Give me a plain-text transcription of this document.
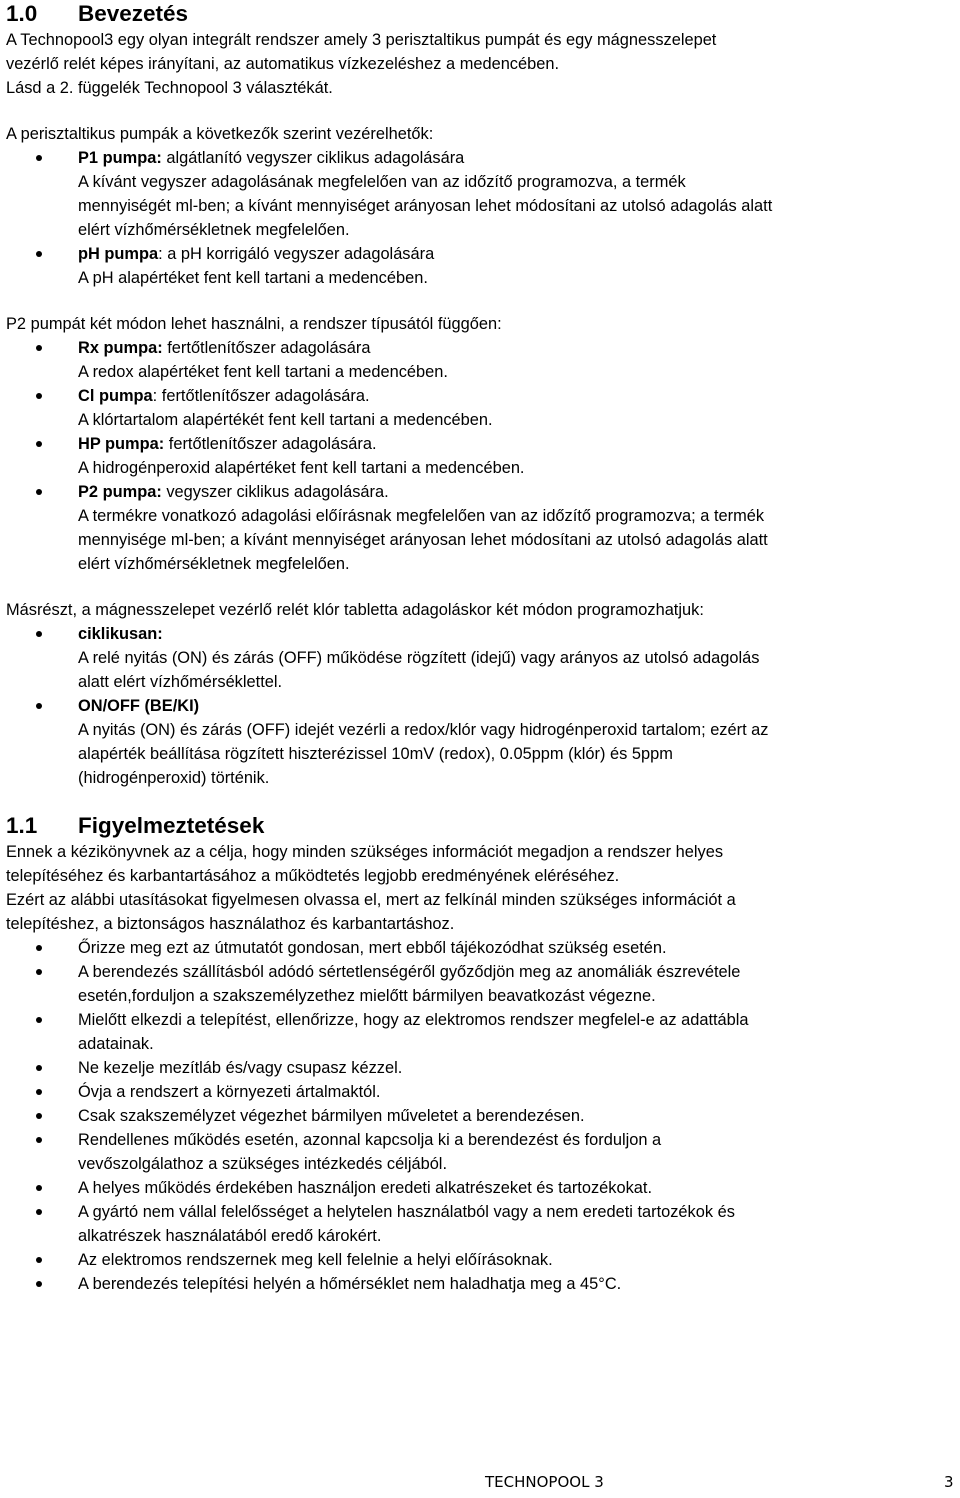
1.0 Bevezetés

A Technopool3 egy olyan integrált rendszer amely 3 perisztaltikus pumpát és egy mágnesszelepet

vezérlő relét képes irányítani, az automatikus vízkezeléshez a medencében.

Lásd a 2. függelék Technopool 3 választékát.

A perisztaltikus pumpák a következők szerint vezérelhetők:

P1 pumpa: algátlanító vegyszer ciklikus adagolására
A kívánt vegyszer adagolásának megfelelően van az időzítő programozva, a termék
mennyiségét ml-ben; a kívánt mennyiséget arányosan lehet módosítani az utolsó adagolás alatt
elért vízhőmérsékletnek megfelelően.
pH pumpa: a pH korrigáló vegyszer adagolására
A pH alapértéket fent kell tartani a medencében.

P2 pumpát két módon lehet használni, a rendszer típusától függően:

Rx pumpa: fertőtlenítőszer adagolására
A redox alapértéket fent kell tartani a medencében.
Cl pumpa: fertőtlenítőszer adagolására.
A klórtartalom alapértékét fent kell tartani a medencében.
HP pumpa: fertőtlenítőszer adagolására.
A hidrogénperoxid alapértéket fent kell tartani a medencében.
P2 pumpa: vegyszer ciklikus adagolására.
A termékre vonatkozó adagolási előírásnak megfelelően van az időzítő programozva; a termék
mennyisége ml-ben; a kívánt mennyiséget arányosan lehet módosítani az utolsó adagolás alatt
elért vízhőmérsékletnek megfelelően.

Másrészt, a mágnesszelepet vezérlő relét klór tabletta adagoláskor két módon programozhatjuk:

ciklikusan:
A relé nyitás (ON) és zárás (OFF) működése rögzített (idejű) vagy arányos az utolsó adagolás
alatt elért vízhőmérséklettel.
ON/OFF (BE/KI)
A nyitás (ON) és zárás (OFF) idejét vezérli a redox/klór vagy hidrogénperoxid tartalom; ezért az
alapérték beállítása rögzített hiszterézissel 10mV (redox), 0.05ppm (klór) és 5ppm
(hidrogénperoxid) történik.
1.1 Figyelmeztetések

Ennek a kézikönyvnek az a célja, hogy minden szükséges információt megadjon a rendszer helyes

telepítéséhez és karbantartásához a működtetés legjobb eredményének eléréséhez.

Ezért az alábbi utasításokat figyelmesen olvassa el, mert az felkínál minden szükséges információt a

telepítéshez, a biztonságos használathoz és karbantartáshoz.

Őrizze meg ezt az útmutatót gondosan, mert ebből tájékozódhat szükség esetén.
A berendezés szállításból adódó sértetlenségéről győződjön meg az anomáliák észrevétele
esetén,forduljon a szakszemélyzethez mielőtt bármilyen beavatkozást végezne.
Mielőtt elkezdi a telepítést, ellenőrizze, hogy az elektromos rendszer megfelel-e az adattábla
adatainak.
Ne kezelje mezítláb és/vagy csupasz kézzel.
Óvja a rendszert a környezeti ártalmaktól.
Csak szakszemélyzet végezhet bármilyen műveletet a berendezésen.
Rendellenes működés esetén, azonnal kapcsolja ki a berendezést és forduljon a
vevőszolgálathoz a szükséges intézkedés céljából.
A helyes működés érdekében használjon eredeti alkatrészeket és tartozékokat.
A gyártó nem vállal felelősséget a helytelen használatból vagy a nem eredeti tartozékok és
alkatrészek használatából eredő károkért.
Az elektromos rendszernek meg kell felelnie a helyi előírásoknak.
A berendezés telepítési helyén a hőmérséklet nem haladhatja meg a 45°C.
TECHNOPOOL 3	3
